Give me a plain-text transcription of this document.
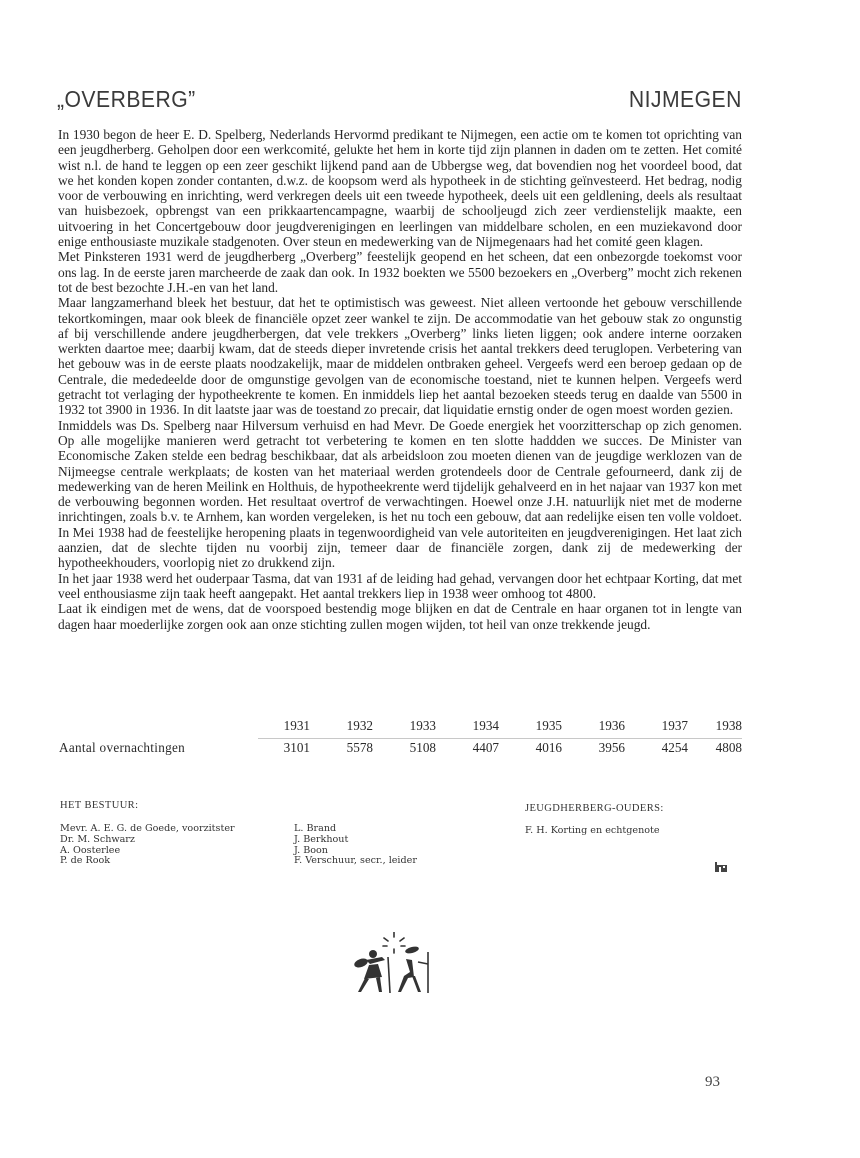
„OVERBERG”	NIJMEGEN

In 1930 begon de heer E. D. Spelberg, Nederlands Hervormd predikant te Nijmegen, een actie om te komen tot oprichting van een jeugdherberg. Geholpen door een werkcomité, gelukte het hem in korte tijd zijn plannen in daden om te zetten. Het comité wist n.l. de hand te leggen op een zeer geschikt lijkend pand aan de Ubbergse weg, dat bovendien nog het voordeel bood, dat we het konden kopen zonder contanten, d.w.z. de koopsom werd als hypotheek in de stichting geïnvesteerd. Het bedrag, nodig voor de verbouwing en inrichting, werd verkregen deels uit een tweede hypotheek, deels uit een geldlening, deels als resultaat van huisbezoek, opbrengst van een prikkaartencampagne, waarbij de schooljeugd zich zeer verdienstelijk maakte, een uitvoering in het Concertgebouw door jeugdverenigingen en leerlingen van middelbare scholen, en een muziekavond door enige enthousiaste muzikale stadgenoten. Over steun en medewerking van de Nijmegenaars had het comité geen klagen.

Met Pinksteren 1931 werd de jeugdherberg „Overberg” feestelijk geopend en het scheen, dat een onbezorgde toekomst voor ons lag. In de eerste jaren marcheerde de zaak dan ook. In 1932 boekten we 5500 bezoekers en „Overberg” mocht zich rekenen tot de best bezochte J.H.-en van het land.

Maar langzamerhand bleek het bestuur, dat het te optimistisch was geweest. Niet alleen vertoonde het gebouw verschillende tekortkomingen, maar ook bleek de financiële opzet zeer wankel te zijn. De accommodatie van het gebouw stak zo ongunstig af bij verschillende andere jeugdherbergen, dat vele trekkers „Overberg” links lieten liggen; ook andere interne oorzaken werkten daartoe mee; daarbij kwam, dat de steeds dieper invretende crisis het aantal trekkers deed teruglopen. Verbetering van het gebouw was in de eerste plaats noodzakelijk, maar de middelen ontbraken geheel. Vergeefs werd een beroep gedaan op de Centrale, die mededeelde door de omgunstige gevolgen van de economische toestand, niet te kunnen helpen. Vergeefs werd getracht tot verlaging der hypotheekrente te komen. En inmiddels liep het aantal bezoeken steeds terug en daalde van 5500 in 1932 tot 3900 in 1936. In dit laatste jaar was de toestand zo precair, dat liquidatie ernstig onder de ogen moest worden gezien.

Inmiddels was Ds. Spelberg naar Hilversum verhuisd en had Mevr. De Goede energiek het voorzitterschap op zich genomen. Op alle mogelijke manieren werd getracht tot verbetering te komen en ten slotte haddden we succes. De Minister van Economische Zaken stelde een bedrag beschikbaar, dat als arbeidsloon zou moeten dienen van de jeugdige werklozen van de Nijmeegse centrale werkplaats; de kosten van het materiaal werden grotendeels door de Centrale gefourneerd, dank zij de medewerking van de heren Meilink en Holthuis, de hypotheekrente werd tijdelijk gehalveerd en in het najaar van 1937 kon met de verbouwing begonnen worden. Het resultaat overtrof de verwachtingen. Hoewel onze J.H. natuurlijk niet met de moderne inrichtingen, zoals b.v. te Arnhem, kan worden vergeleken, is het nu toch een gebouw, dat aan redelijke eisen ten volle voldoet. In Mei 1938 had de feestelijke heropening plaats in tegenwoordigheid van vele autoriteiten en jeugdverenigingen. Het laat zich aanzien, dat de slechte tijden nu voorbij zijn, temeer daar de financiële zorgen, dank zij de medewerking der hypotheekhouders, voorlopig niet zo drukkend zijn.

In het jaar 1938 werd het ouderpaar Tasma, dat van 1931 af de leiding had gehad, vervangen door het echtpaar Korting, dat met veel enthousiasme zijn taak heeft aangepakt. Het aantal trekkers liep in 1938 weer omhoog tot 4800.

Laat ik eindigen met de wens, dat de voorspoed bestendig moge blijken en dat de Centrale en haar organen tot in lengte van dagen haar moederlijke zorgen ook aan onze stichting zullen mogen wijden, tot heil van onze trekkende jeugd.

1931	1932	1933	1934	1935	1936	1937	1938
Aantal overnachtingen	3101	5578	5108	4407	4016	3956	4254	4808
HET BESTUUR:
Mevr. A. E. G. de Goede, voorzitster
Dr. M. Schwarz
A. Oosterlee
P. de Rook
L. Brand
J. Berkhout
J. Boon
F. Verschuur, secr., leider
JEUGDHERBERG-OUDERS:
F. H. Korting en echtgenote
93
